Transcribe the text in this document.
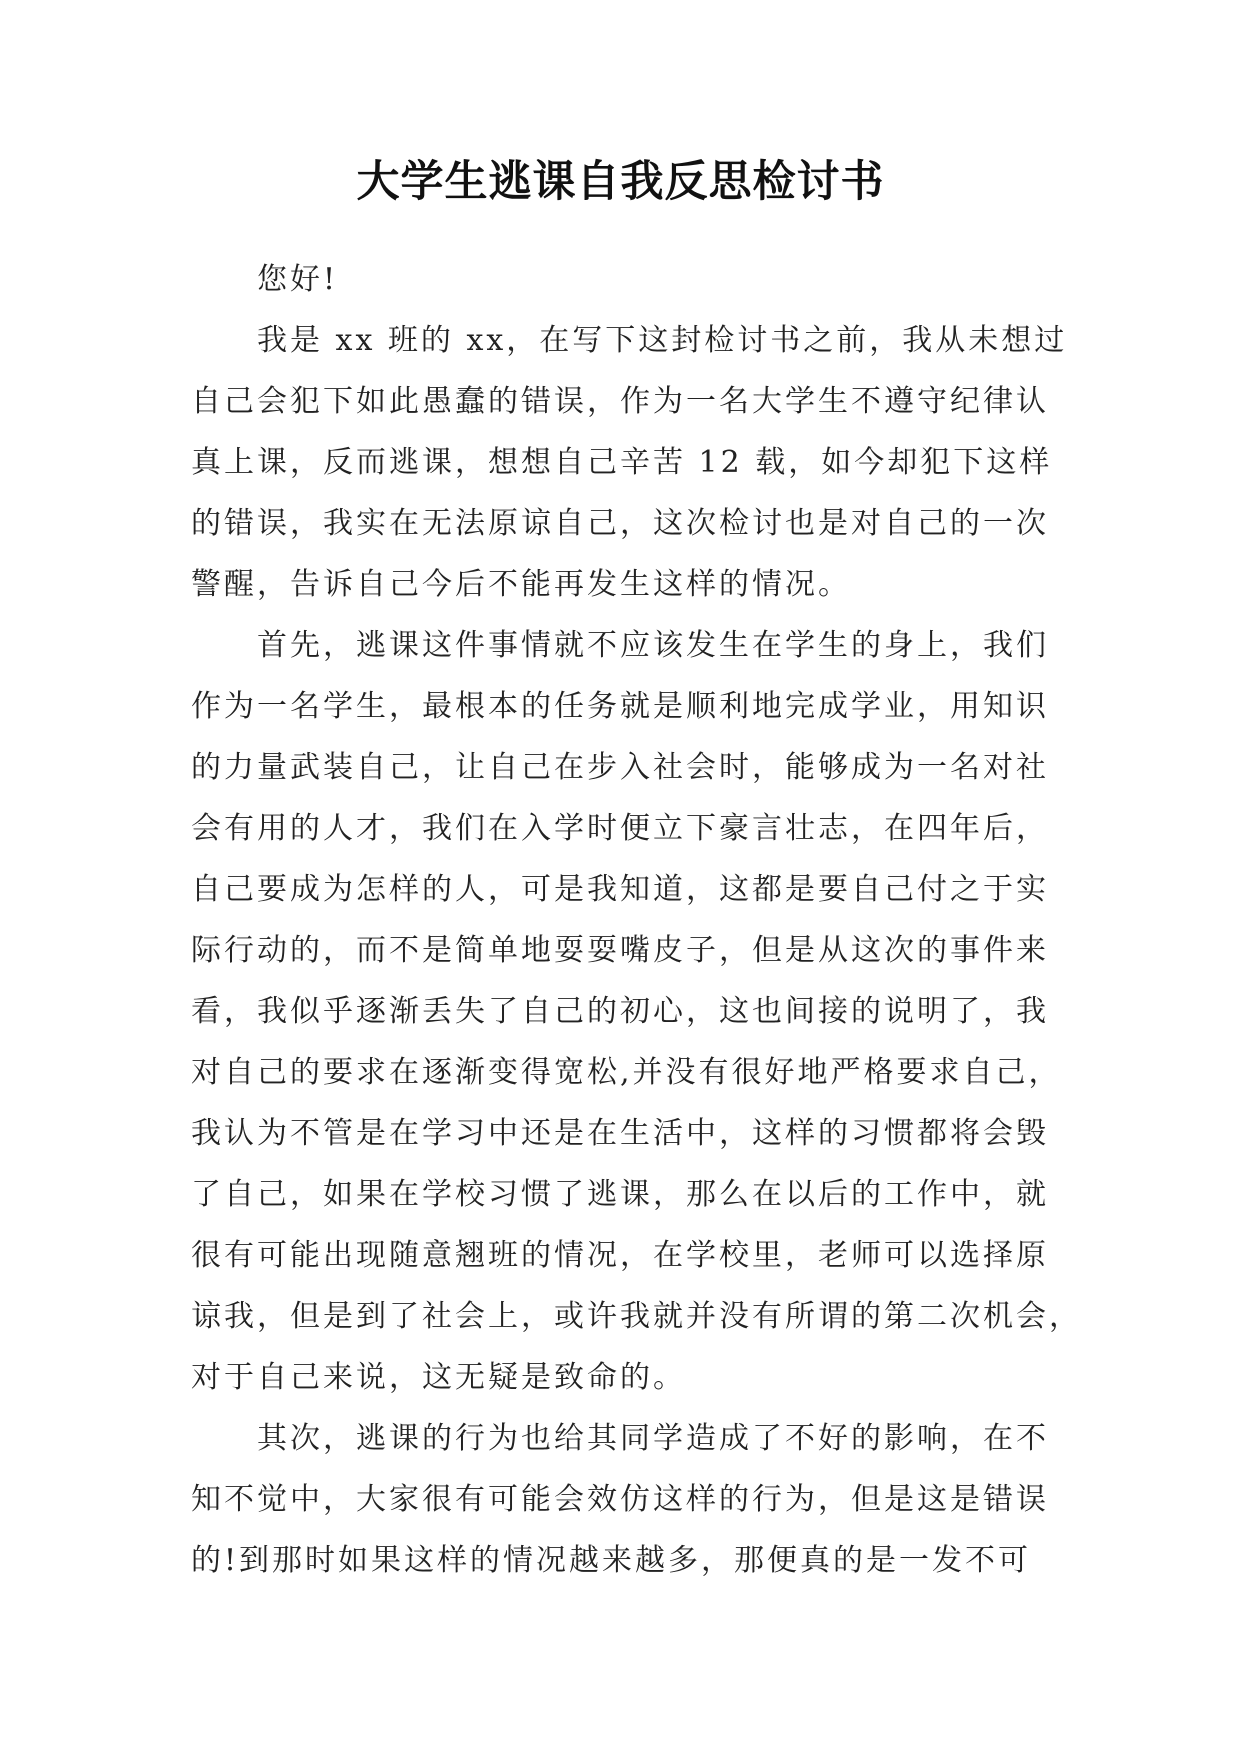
大学生逃课自我反思检讨书
您好!
我是 xx 班的 xx，在写下这封检讨书之前，我从未想过
自己会犯下如此愚蠢的错误，作为一名大学生不遵守纪律认
真上课，反而逃课，想想自己辛苦 12 载，如今却犯下这样
的错误，我实在无法原谅自己，这次检讨也是对自己的一次
警醒，告诉自己今后不能再发生这样的情况。
首先，逃课这件事情就不应该发生在学生的身上，我们
作为一名学生，最根本的任务就是顺利地完成学业，用知识
的力量武装自己，让自己在步入社会时，能够成为一名对社
会有用的人才，我们在入学时便立下豪言壮志，在四年后，
自己要成为怎样的人，可是我知道，这都是要自己付之于实
际行动的，而不是简单地耍耍嘴皮子，但是从这次的事件来
看，我似乎逐渐丢失了自己的初心，这也间接的说明了，我
对自己的要求在逐渐变得宽松,并没有很好地严格要求自己，
我认为不管是在学习中还是在生活中，这样的习惯都将会毁
了自己，如果在学校习惯了逃课，那么在以后的工作中，就
很有可能出现随意翘班的情况，在学校里，老师可以选择原
谅我，但是到了社会上，或许我就并没有所谓的第二次机会，
对于自己来说，这无疑是致命的。
其次，逃课的行为也给其同学造成了不好的影响，在不
知不觉中，大家很有可能会效仿这样的行为，但是这是错误
的!到那时如果这样的情况越来越多，那便真的是一发不可
